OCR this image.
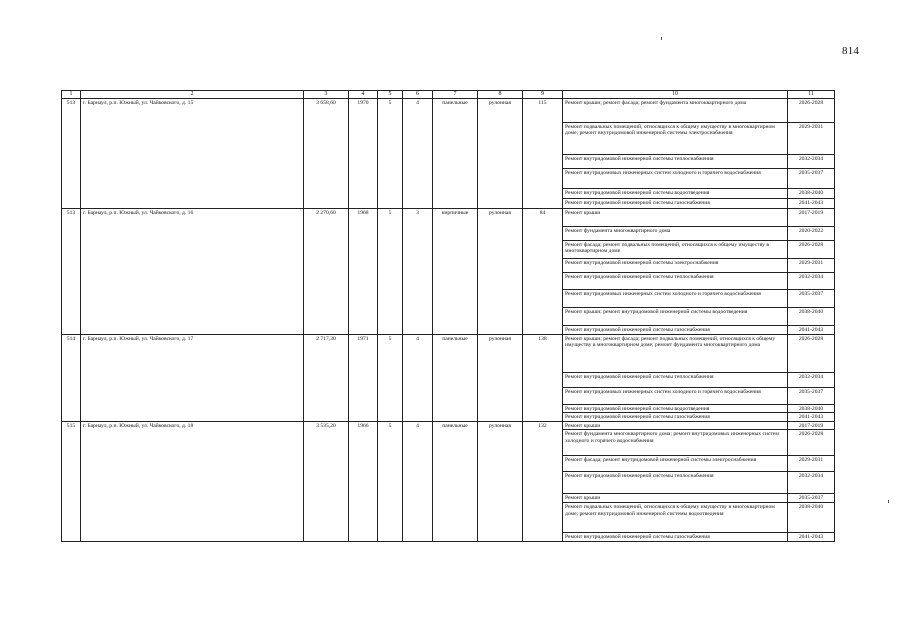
814
1	2	3	4	5	6	7	8	9	10	11
513	г. Барнаул, р.п. Южный, ул. Чайковского, д. 15	3 658,60	1970	5	4	панельные	рулонная	115	Ремонт крыши; ремонт фасада; ремонт фундамента многоквартирного дома	2026-2028
									Ремонт подвальных помещений, относящихся к общему имуществу в многоквартирном доме; ремонт внутридомовой инженерной системы электроснабжения	2029-2031
									Ремонт внутридомовой инженерной системы теплоснабжения	2032-2034
									Ремонт внутридомовых инженерных систем холодного и горячего водоснабжения	2035-2037
									Ремонт внутридомовой инженерной системы водоотведения	2038-2040
									Ремонт внутридомовой инженерной системы газоснабжения	2041-2043
513	г. Барнаул, р.п. Южный, ул. Чайковского, д. 16	2 270,60	1968	5	3	кирпичные	рулонная	84	Ремонт крыши	2017-2019
									Ремонт фундамента многоквартирного дома	2020-2022
									Ремонт фасада; ремонт подвальных помещений, относящихся к общему имуществу в многоквартирном доме	2026-2028
									Ремонт внутридомовой инженерной системы электроснабжения	2029-2031
									Ремонт внутридомовой инженерной системы теплоснабжения	2032-2034
									Ремонт внутридомовых инженерных систем холодного и горячего водоснабжения	2035-2037
									Ремонт крыши; ремонт внутридомовой инженерной системы водоотведения	2038-2040
									Ремонт внутридомовой инженерной системы газоснабжения	2041-2043
514	г. Барнаул, р.п. Южный, ул. Чайковского, д. 17	2 717,30	1971	5	4	панельные	рулонная	138	Ремонт крыши; ремонт фасада; ремонт подвальных помещений, относящихся к общему имуществу в многоквартирном доме; ремонт фундамента многоквартирного дома	2026-2028
									Ремонт внутридомовой инженерной системы теплоснабжения	2032-2034
									Ремонт внутридомовых инженерных систем холодного и горячего водоснабжения	2035-2037
									Ремонт внутридомовой инженерной системы водоотведения	2038-2040
									Ремонт внутридомовой инженерной системы газоснабжения	2041-2043
515	г. Барнаул, р.п. Южный, ул. Чайковского, д. 18	3 535,20	1966	5	4	панельные	рулонная	132	Ремонт крыши	2017-2019
									Ремонт фундамента многоквартирного дома; ремонт внутридомовых инженерных систем холодного и горячего водоснабжения	2026-2028
									Ремонт фасада; ремонт внутридомовой инженерной системы электроснабжения	2029-2031
									Ремонт внутридомовой инженерной системы теплоснабжения	2032-2034
									Ремонт крыши	2035-2037
									Ремонт подвальных помещений, относящихся к общему имуществу в многоквартирном доме; ремонт внутридомовой инженерной системы водоотведения	2038-2040
									Ремонт внутридомовой инженерной системы газоснабжения	2041-2043
